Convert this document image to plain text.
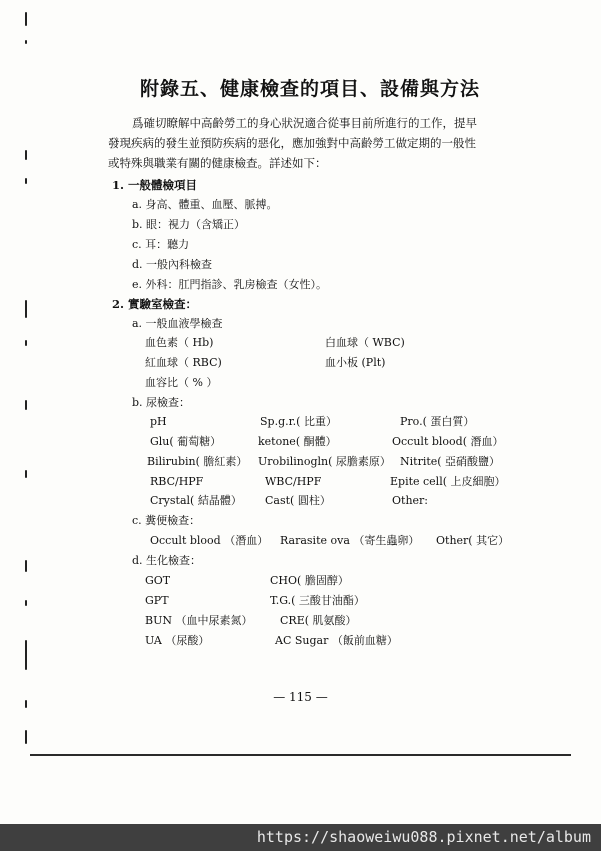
附錄五、健康檢查的項目、設備與方法
爲確切瞭解中高齡勞工的身心狀況適合從事目前所進行的工作，提早
發現疾病的發生並預防疾病的惡化，應加強對中高齡勞工做定期的一般性
或特殊與職業有關的健康檢查。詳述如下：
1. 一般體檢項目
a. 身高、體重、血壓、脈搏。
b. 眼：視力（含矯正）
c. 耳：聽力
d. 一般內科檢查
e. 外科：肛門指診、乳房檢查（女性）。
2. 實驗室檢查：
a. 一般血液學檢查
血色素（ Hb)	白血球（ WBC)
紅血球（ RBC)	血小板 (Plt)
血容比（ % ）
b. 尿檢查：
pH	Sp.g.r.( 比重）	Pro.( 蛋白質）
Glu( 葡萄糖）	ketone( 酮體）	Occult blood( 潛血）
Bilirubin( 膽紅素） Urobilinogln( 尿膽素原） Nitrite( 亞硝酸鹽）
RBC/HPF	WBC/HPF	Epite cell( 上皮細胞）
Crystal( 結晶體） Cast( 圓柱）	Other:
c. 糞便檢查：
Occult blood （潛血） Rarasite ova （寄生蟲卵） Other( 其它）
d. 生化檢查：
GOT	CHO( 膽固醇）
GPT	T.G.( 三酸甘油酯）
BUN （血中尿素氮）	CRE( 肌氨酸）
UA （尿酸）	AC Sugar （飯前血糖）
— 115 —
https://shaoweiwu088.pixnet.net/album
